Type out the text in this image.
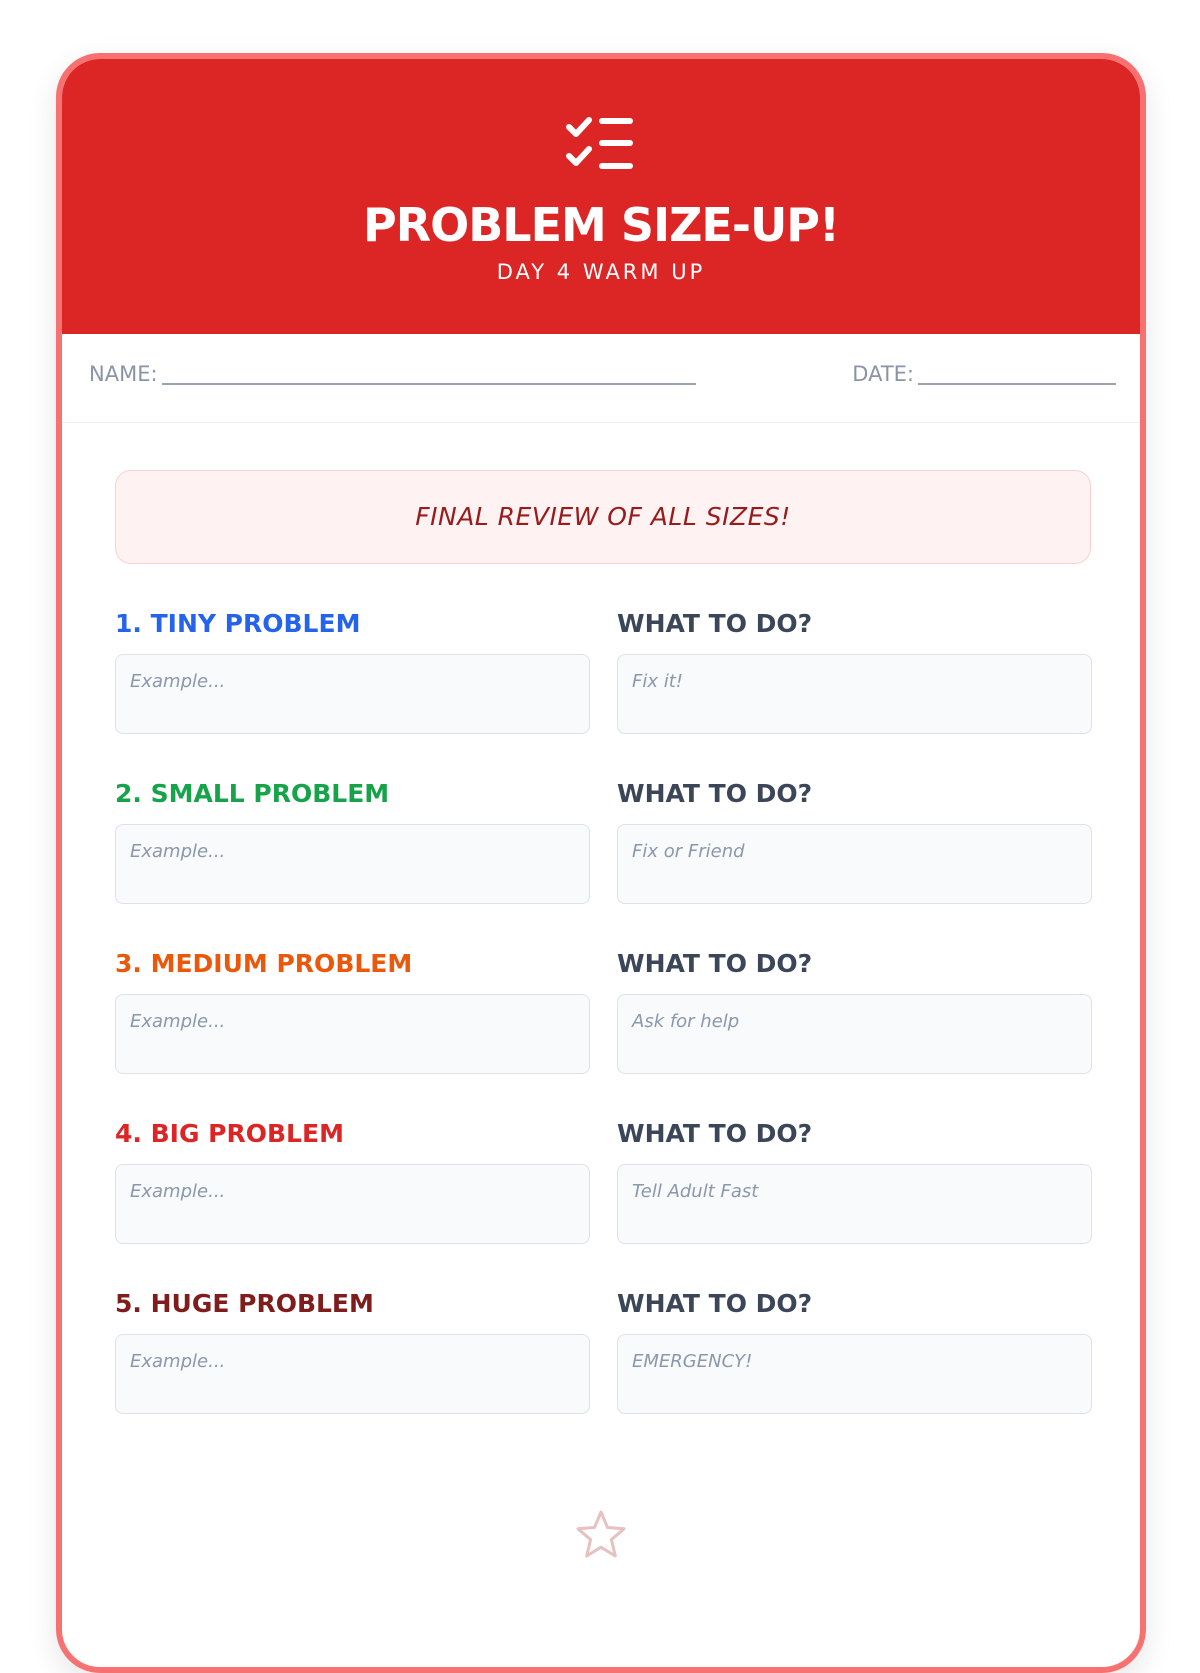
PROBLEM SIZE-UP!
DAY 4 WARM UP
NAME:	DATE:
FINAL REVIEW OF ALL SIZES!
1. TINY PROBLEM	WHAT TO DO?
Example...	Fix it!
2. SMALL PROBLEM	WHAT TO DO?
Example...	Fix or Friend
3. MEDIUM PROBLEM	WHAT TO DO?
Example...	Ask for help
4. BIG PROBLEM	WHAT TO DO?
Example...	Tell Adult Fast
5. HUGE PROBLEM	WHAT TO DO?
Example...	EMERGENCY!
